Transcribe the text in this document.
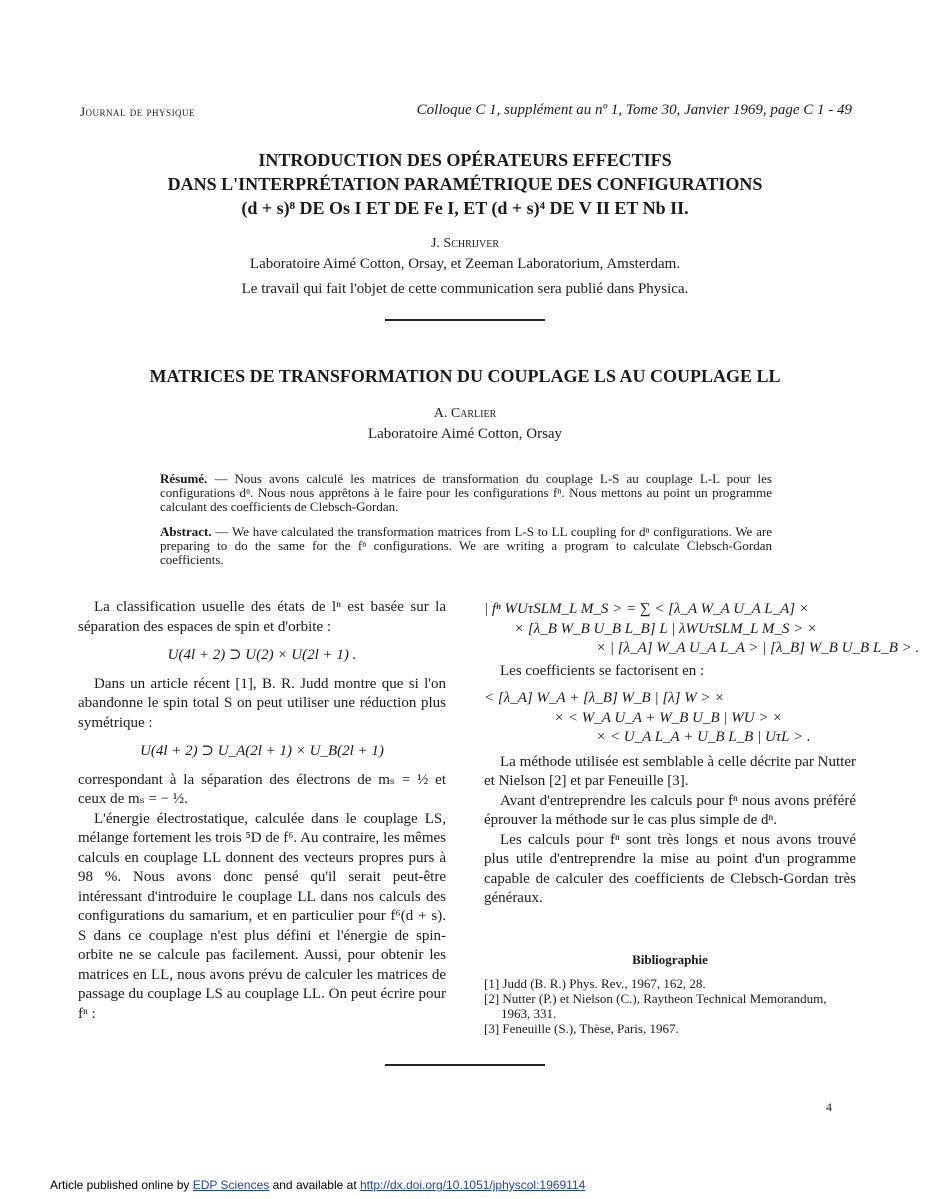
Journal de physique	Colloque C 1, supplément au nº 1, Tome 30, Janvier 1969, page C 1 - 49
INTRODUCTION DES OPÉRATEURS EFFECTIFS
DANS L'INTERPRÉTATION PARAMÉTRIQUE DES CONFIGURATIONS
(d + s)⁸ DE Os I ET DE Fe I, ET (d + s)⁴ DE V II ET Nb II.
J. Schrijver
Laboratoire Aimé Cotton, Orsay, et Zeeman Laboratorium, Amsterdam.
Le travail qui fait l'objet de cette communication sera publié dans Physica.
MATRICES DE TRANSFORMATION DU COUPLAGE LS AU COUPLAGE LL
A. Carlier
Laboratoire Aimé Cotton, Orsay
Résumé. — Nous avons calculé les matrices de transformation du couplage L-S au couplage L-L pour les configurations dⁿ. Nous nous apprêtons à le faire pour les configurations fⁿ. Nous mettons au point un programme calculant des coefficients de Clebsch-Gordan.
Abstract. — We have calculated the transformation matrices from L-S to LL coupling for dⁿ configurations. We are preparing to do the same for the fⁿ configurations. We are writing a program to calculate Clebsch-Gordan coefficients.

La classification usuelle des états de lⁿ est basée sur la séparation des espaces de spin et d'orbite :

U(4l + 2) ⊃ U(2) × U(2l + 1) .

Dans un article récent [1], B. R. Judd montre que si l'on abandonne le spin total S on peut utiliser une réduction plus symétrique :

U(4l + 2) ⊃ U_A(2l + 1) × U_B(2l + 1)

correspondant à la séparation des électrons de mₛ = ½ et ceux de mₛ = − ½.

L'énergie électrostatique, calculée dans le couplage LS, mélange fortement les trois ⁵D de f⁶. Au contraire, les mêmes calculs en couplage LL donnent des vecteurs propres purs à 98 %. Nous avons donc pensé qu'il serait peut-être intéressant d'introduire le couplage LL dans nos calculs des configurations du samarium, et en particulier pour f⁶(d + s). S dans ce couplage n'est plus défini et l'énergie de spin-orbite ne se calcule pas facilement. Aussi, pour obtenir les matrices en LL, nous avons prévu de calculer les matrices de passage du couplage LS au couplage LL. On peut écrire pour fⁿ :

| fⁿ WUτSLM_L M_S > = ∑ < [λ_A W_A U_A L_A] ×
× [λ_B W_B U_B L_B] L | λWUτSLM_L M_S > ×
× | [λ_A] W_A U_A L_A > | [λ_B] W_B U_B L_B > .

Les coefficients se factorisent en :

< [λ_A] W_A + [λ_B] W_B | [λ] W > ×
× < W_A U_A + W_B U_B | WU > ×
× < U_A L_A + U_B L_B | UτL > .

La méthode utilisée est semblable à celle décrite par Nutter et Nielson [2] et par Feneuille [3].

Avant d'entreprendre les calculs pour fⁿ nous avons préféré éprouver la méthode sur le cas plus simple de dⁿ.

Les calculs pour fⁿ sont très longs et nous avons trouvé plus utile d'entreprendre la mise au point d'un programme capable de calculer des coefficients de Clebsch-Gordan très généraux.

Bibliographie
[1] Judd (B. R.) Phys. Rev., 1967, 162, 28.
[2] Nutter (P.) et Nielson (C.), Raytheon Technical Memorandum, 1963, 331.
[3] Feneuille (S.), Thèse, Paris, 1967.
4
Article published online by EDP Sciences and available at http://dx.doi.org/10.1051/jphyscol:1969114
